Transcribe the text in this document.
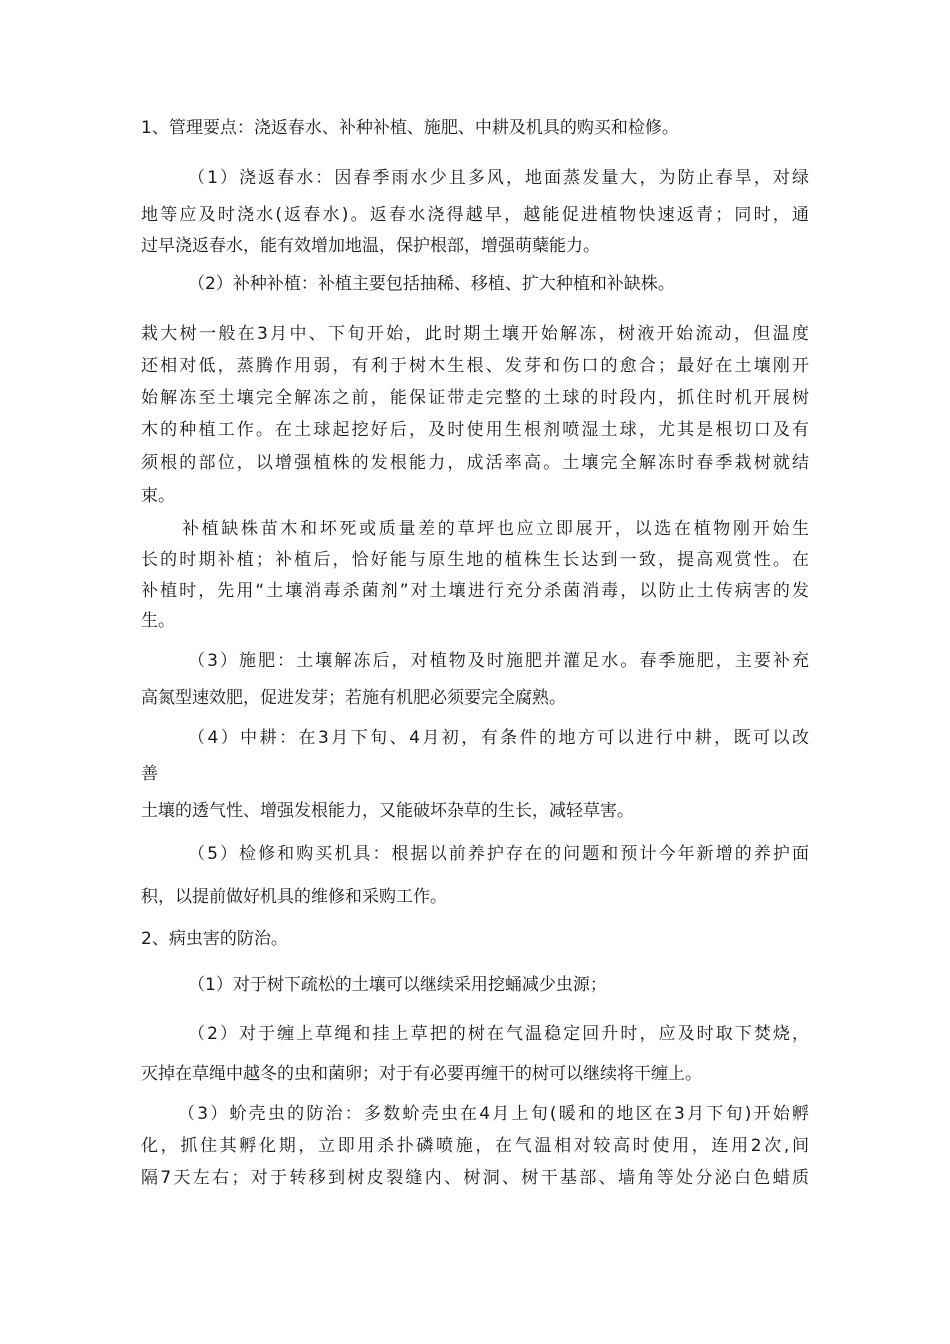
1、管理要点：浇返春水、补种补植、施肥、中耕及机具的购买和检修。
（1）浇返春水：因春季雨水少且多风，地面蒸发量大，为防止春旱，对绿
地等应及时浇水(返春水)。返春水浇得越早，越能促进植物快速返青；同时，通
过早浇返春水，能有效增加地温，保护根部，增强萌蘖能力。
（2）补种补植：补植主要包括抽稀、移植、扩大种植和补缺株。
栽大树一般在3月中、下旬开始，此时期土壤开始解冻，树液开始流动，但温度
还相对低，蒸腾作用弱，有利于树木生根、发芽和伤口的愈合；最好在土壤刚开
始解冻至土壤完全解冻之前，能保证带走完整的土球的时段内，抓住时机开展树
木的种植工作。在土球起挖好后，及时使用生根剂喷湿土球，尤其是根切口及有
须根的部位，以增强植株的发根能力，成活率高。土壤完全解冻时春季栽树就结
束。
补植缺株苗木和坏死或质量差的草坪也应立即展开，以选在植物刚开始生
长的时期补植；补植后，恰好能与原生地的植株生长达到一致，提高观赏性。在
补植时，先用“土壤消毒杀菌剂”对土壤进行充分杀菌消毒，以防止土传病害的发
生。
（3）施肥：土壤解冻后，对植物及时施肥并灌足水。春季施肥，主要补充
高氮型速效肥，促进发芽；若施有机肥必须要完全腐熟。
（4）中耕：在3月下旬、4月初，有条件的地方可以进行中耕，既可以改
善
土壤的透气性、增强发根能力，又能破坏杂草的生长，减轻草害。
（5）检修和购买机具：根据以前养护存在的问题和预计今年新增的养护面
积，以提前做好机具的维修和采购工作。
2、病虫害的防治。
（1）对于树下疏松的土壤可以继续采用挖蛹减少虫源；
（2）对于缠上草绳和挂上草把的树在气温稳定回升时，应及时取下焚烧，
灭掉在草绳中越冬的虫和菌卵；对于有必要再缠干的树可以继续将干缠上。
（3）蚧壳虫的防治：多数蚧壳虫在4月上旬(暖和的地区在3月下旬)开始孵
化，抓住其孵化期，立即用杀扑磷喷施，在气温相对较高时使用，连用2次,间
隔7天左右；对于转移到树皮裂缝内、树洞、树干基部、墙角等处分泌白色蜡质
